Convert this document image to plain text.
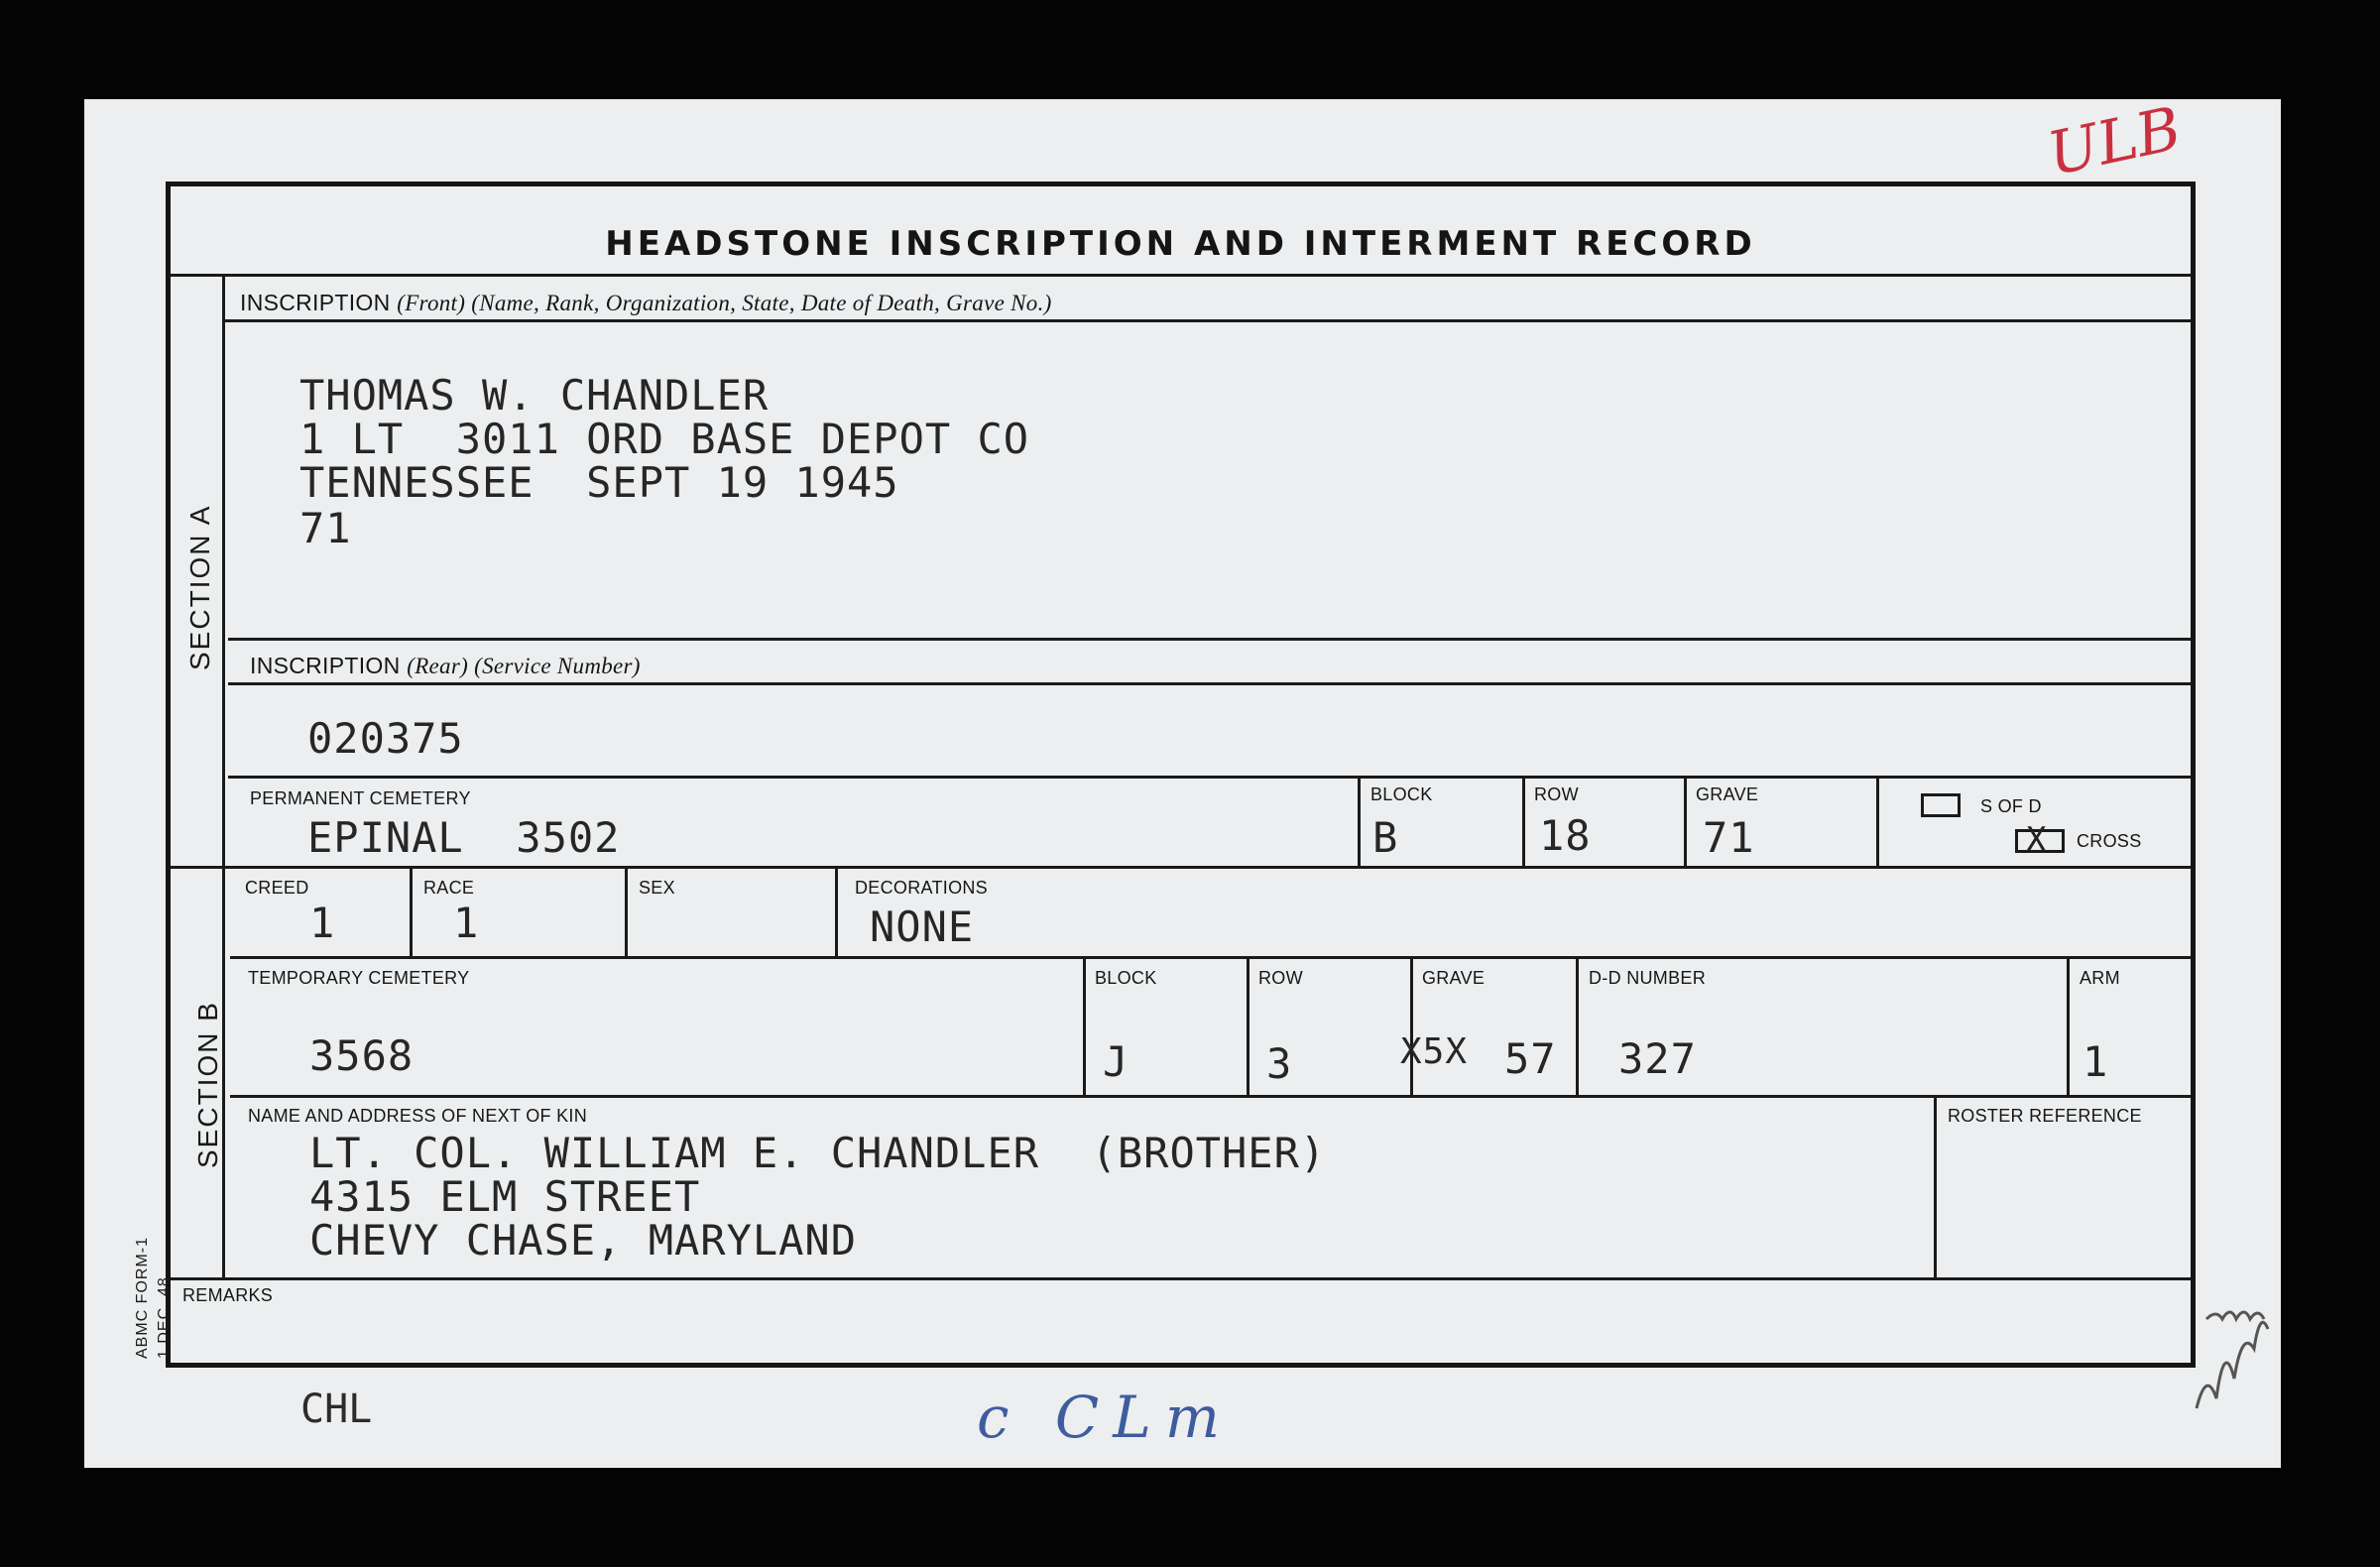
ULB
HEADSTONE INSCRIPTION AND INTERMENT RECORD
SECTION A
SECTION B
INSCRIPTION (Front) (Name, Rank, Organization, State, Date of Death, Grave No.)
THOMAS W. CHANDLER
1 LT  3011 ORD BASE DEPOT CO
TENNESSEE  SEPT 19 1945
71
INSCRIPTION (Rear) (Service Number)
020375
PERMANENT CEMETERY
EPINAL  3502
BLOCK
B
ROW
18
GRAVE
71
S OF D
X CROSS
CREED
1
RACE
1
SEX	DECORATIONS
NONE
TEMPORARY CEMETERY
3568
BLOCK
J
ROW
3
GRAVE
X5X 57
D-D NUMBER
327
ARM
1
NAME AND ADDRESS OF NEXT OF KIN
LT. COL. WILLIAM E. CHANDLER  (BROTHER)
4315 ELM STREET
CHEVY CHASE, MARYLAND
ROSTER REFERENCE
REMARKS
ABMC FORM-1 1 DEC. 48
CHL	c CLm
